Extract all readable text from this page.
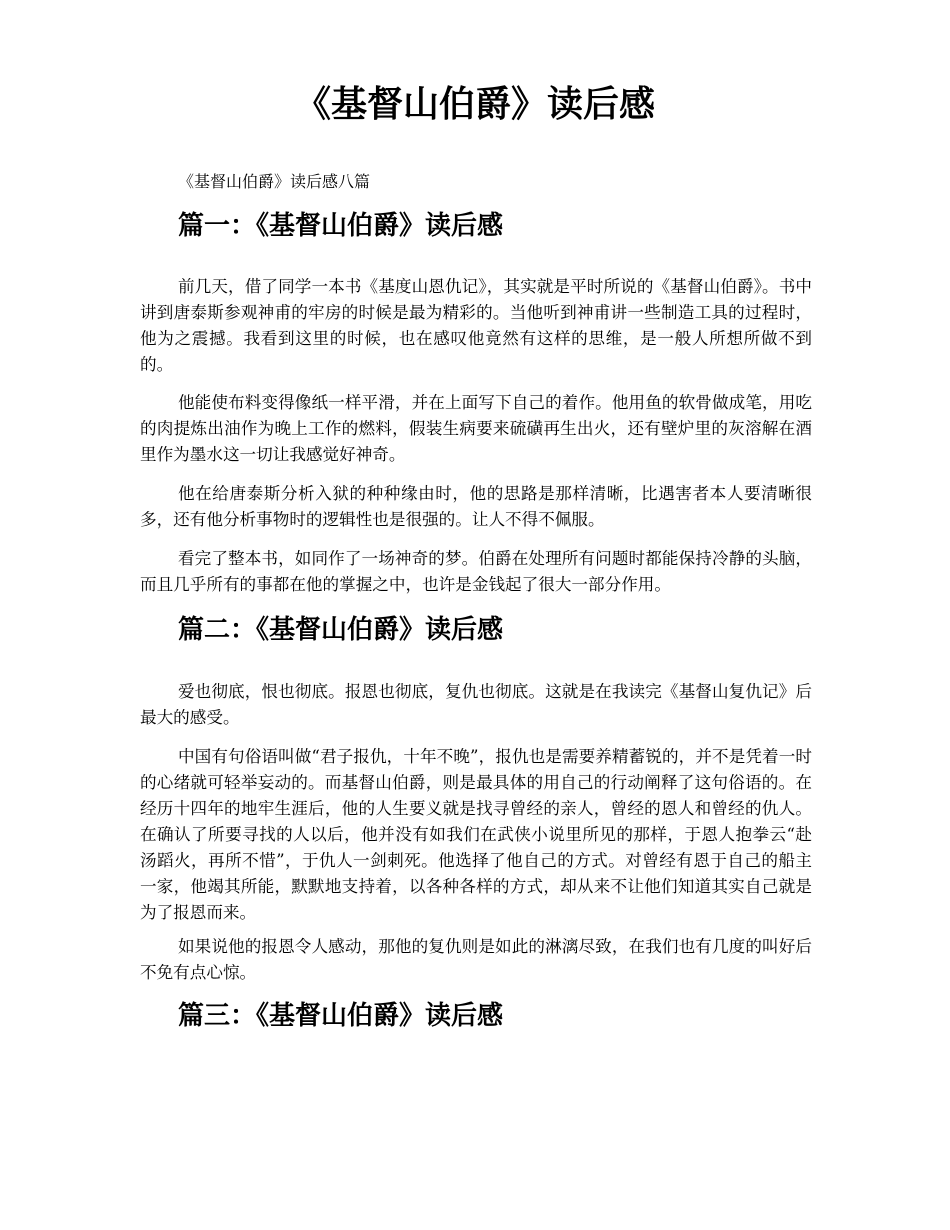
《基督山伯爵》读后感

《基督山伯爵》读后感八篇

篇一：《基督山伯爵》读后感

前几天，借了同学一本书《基度山恩仇记》，其实就是平时所说的《基督山伯爵》。书中讲到唐泰斯参观神甫的牢房的时候是最为精彩的。当他听到神甫讲一些制造工具的过程时，他为之震撼。我看到这里的时候，也在感叹他竟然有这样的思维，是一般人所想所做不到的。

他能使布料变得像纸一样平滑，并在上面写下自己的着作。他用鱼的软骨做成笔，用吃的肉提炼出油作为晚上工作的燃料，假装生病要来硫磺再生出火，还有壁炉里的灰溶解在酒里作为墨水这一切让我感觉好神奇。

他在给唐泰斯分析入狱的种种缘由时，他的思路是那样清晰，比遇害者本人要清晰很多，还有他分析事物时的逻辑性也是很强的。让人不得不佩服。

看完了整本书，如同作了一场神奇的梦。伯爵在处理所有问题时都能保持冷静的头脑，而且几乎所有的事都在他的掌握之中，也许是金钱起了很大一部分作用。

篇二：《基督山伯爵》读后感

爱也彻底，恨也彻底。报恩也彻底，复仇也彻底。这就是在我读完《基督山复仇记》后最大的感受。

中国有句俗语叫做“君子报仇，十年不晚”，报仇也是需要养精蓄锐的，并不是凭着一时的心绪就可轻举妄动的。而基督山伯爵，则是最具体的用自己的行动阐释了这句俗语的。在经历十四年的地牢生涯后，他的人生要义就是找寻曾经的亲人，曾经的恩人和曾经的仇人。在确认了所要寻找的人以后，他并没有如我们在武侠小说里所见的那样，于恩人抱拳云“赴汤蹈火，再所不惜”，于仇人一剑刺死。他选择了他自己的方式。对曾经有恩于自己的船主一家，他竭其所能，默默地支持着，以各种各样的方式，却从来不让他们知道其实自己就是为了报恩而来。

如果说他的报恩令人感动，那他的复仇则是如此的淋漓尽致，在我们也有几度的叫好后不免有点心惊。

篇三：《基督山伯爵》读后感
